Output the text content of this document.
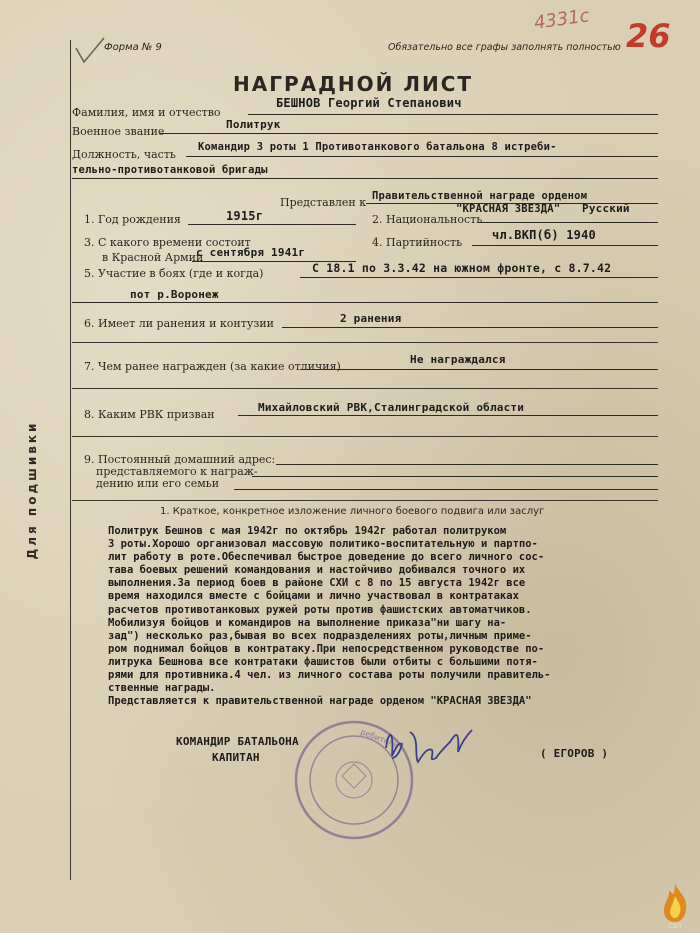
Для подшивки
Форма № 9	Обязательно все графы заполнять полностью
4331с 26
НАГРАДНОЙ ЛИСТ
Фамилия, имя и отчество
БЕШНОВ Георгий Степанович
Военное звание
Политрук
Должность, часть
Командир 3 роты 1 Противотанкового батальона 8 истреби-
тельно-противотанковой бригады
Представлен к Правительственной награде орденом
"КРАСНАЯ ЗВЕЗДА"
1. Год рождения	1915г	2. Национальность
Русский
3. С какого времени состоит
в Красной Армии
с сентября 1941г
4. Партийность
чл.ВКП(б) 1940
5. Участие в боях (где и когда)	С 18.1 по 3.3.42 на южном фронте, с 8.7.42
пот р.Воронеж
6. Имеет ли ранения и контузии	2 ранения
7. Чем ранее награжден (за какие отличия)
Не награждался
8. Каким РВК призван
Михайловский РВК,Сталинградской области
9. Постоянный домашний адрес:
представляемого к награж-
дению или его семьи
1. Краткое, конкретное изложение личного боевого подвига или заслуг
Политрук Бешнов с мая 1942г по октябрь 1942г работал политруком
3 роты.Хорошо организовал массовую политико-воспитательную и партпо-
лит работу в роте.Обеспечивал быстрое доведение до всего личного сос-
тава боевых решений командования и настойчиво добивался точного их
выполнения.За период боев в районе СХИ с 8 по 15 августа 1942г все
время находился вместе с бойцами и лично участвовал в контратаках
расчетов противотанковых ружей роты против фашистских автоматчиков.
Мобилизуя бойцов и командиров на выполнение приказа"ни шагу на-
зад") несколько раз,бывая во всех подразделениях роты,личным приме-
ром поднимал бойцов в контратаку.При непосредственном руководстве по-
литрука Бешнова все контратаки фашистов были отбиты с большими потя-
рями для противника.4 чел. из личного состава роты получили правитель-
ственные награды.
Представляется к правительственной награде орденом "КРАСНАЯ ЗВЕЗДА"
КОМАНДИР БАТАЛЬОНА
КАПИТАН	( ЕГОРОВ )
ребитель
В. Егоров
СДЛ
